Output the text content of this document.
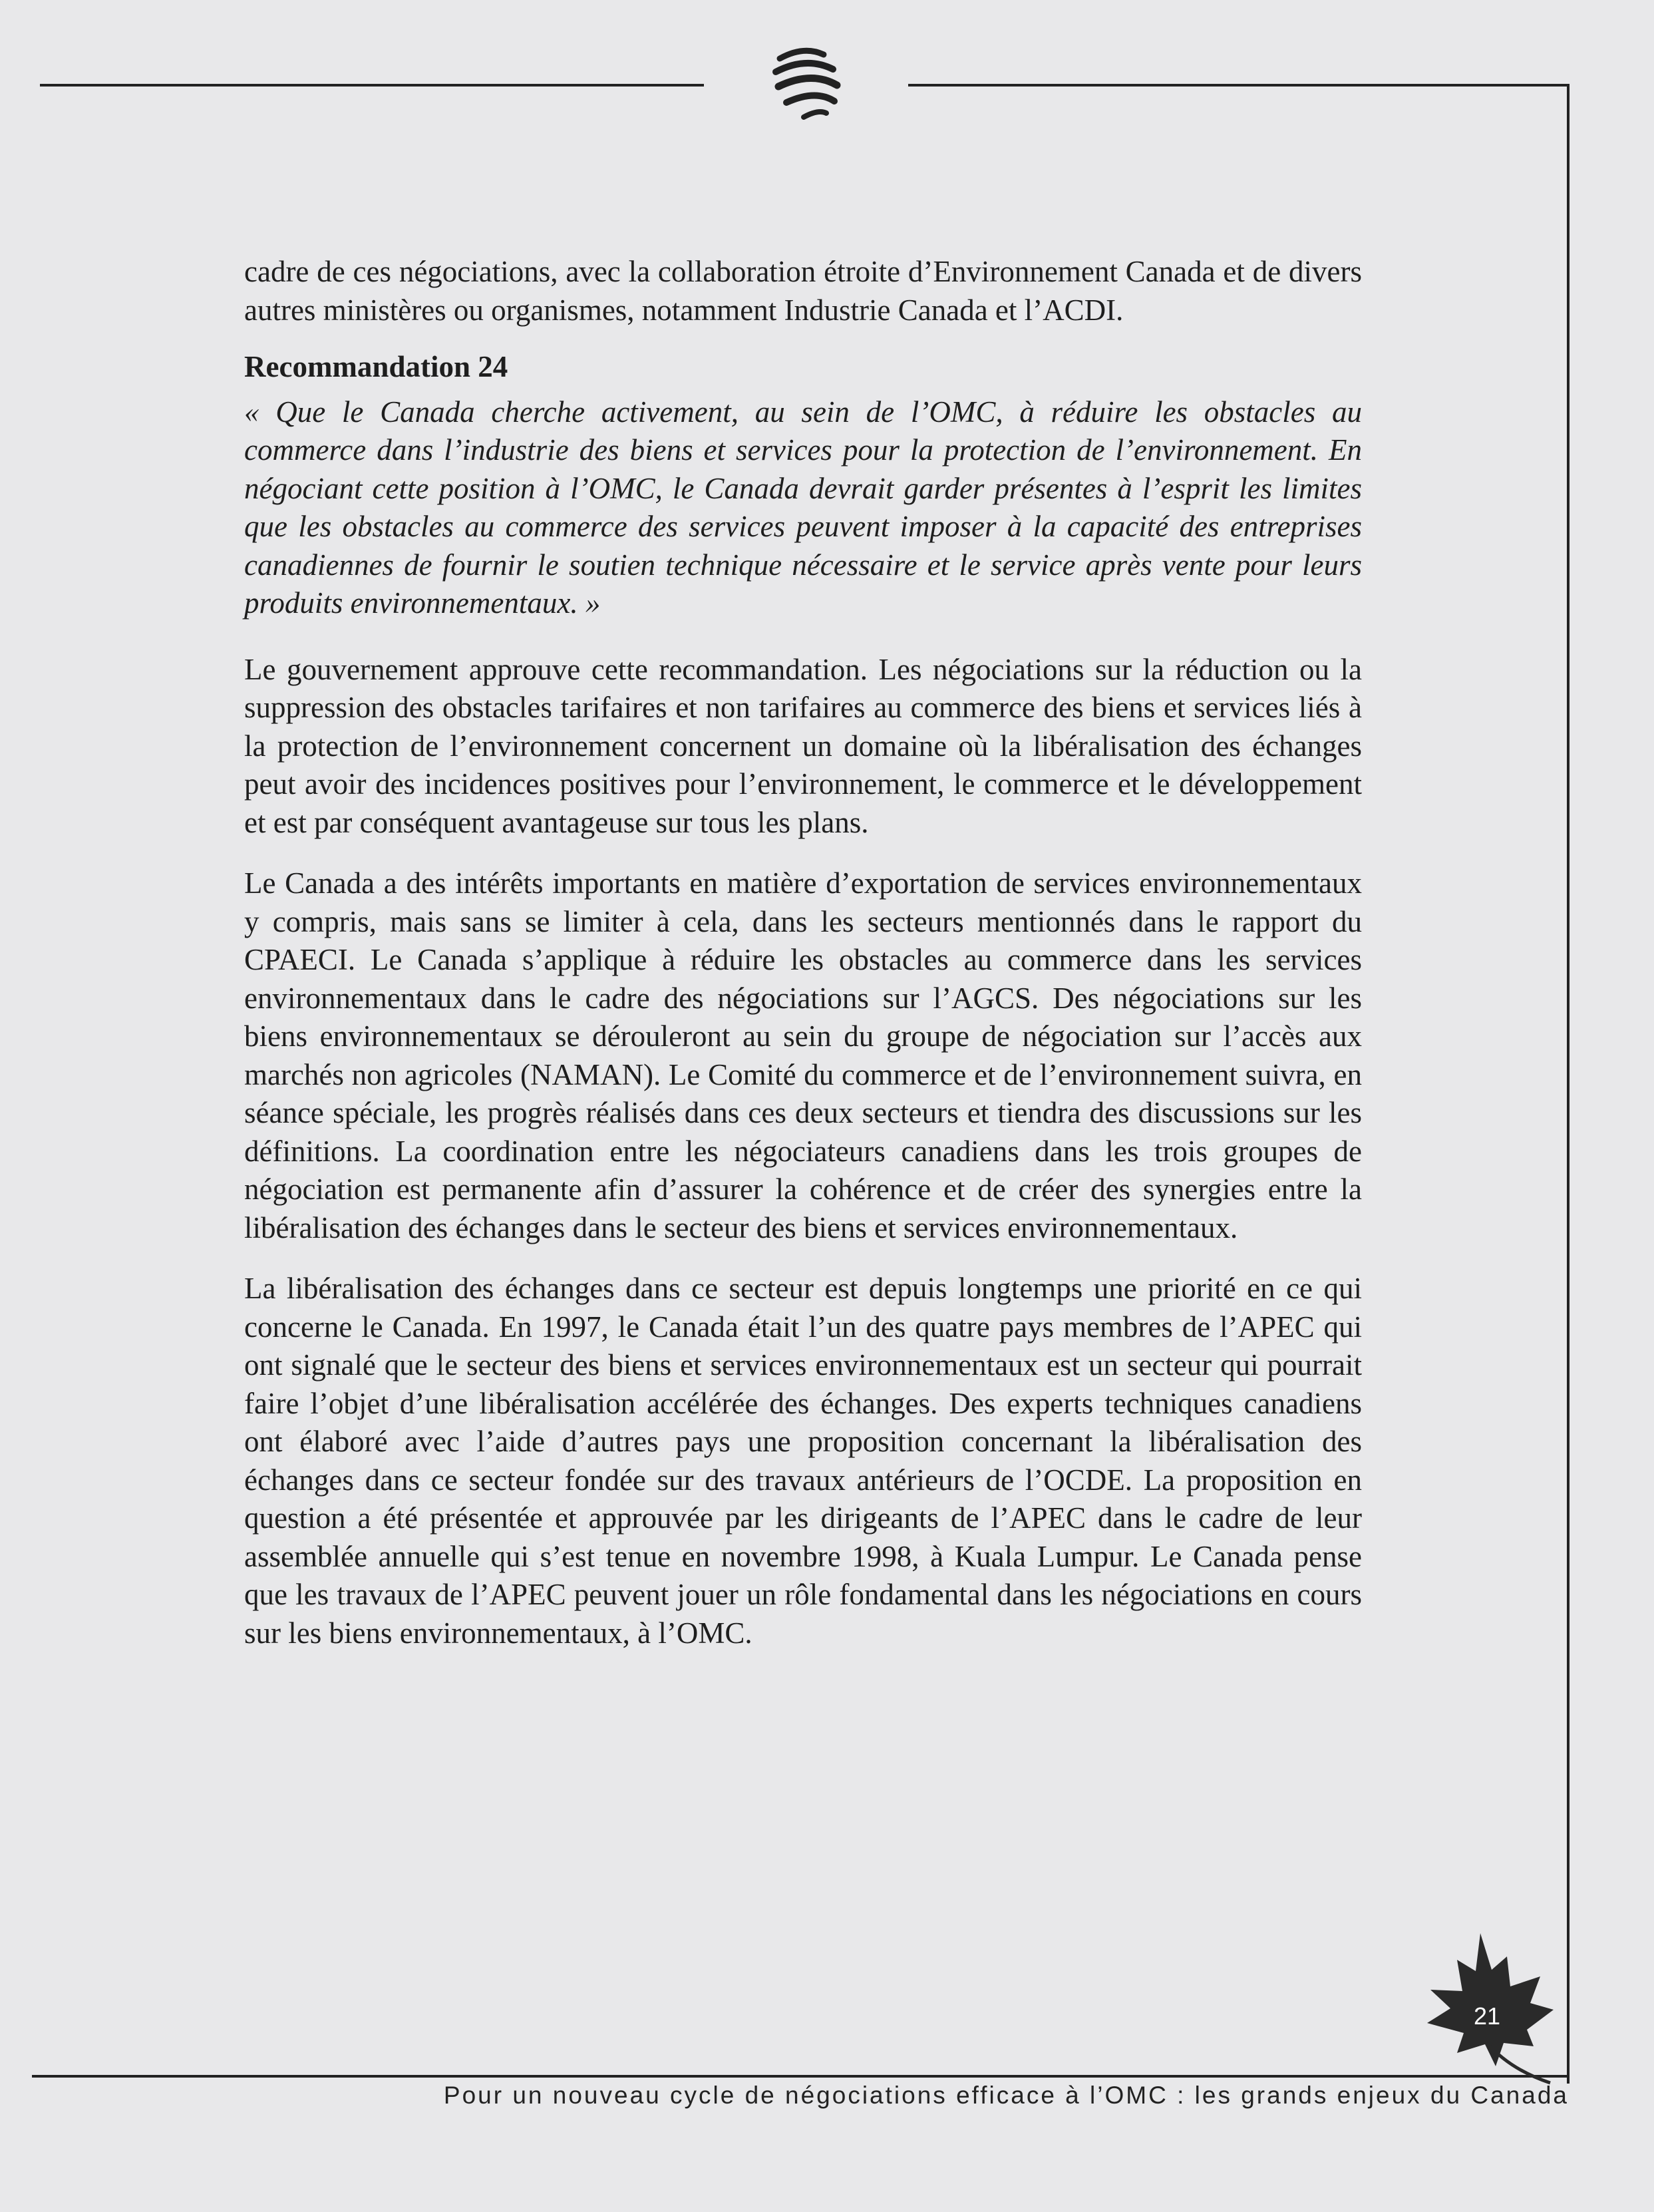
cadre de ces négociations, avec la collaboration étroite d’Environnement Canada et de divers autres ministères ou organismes, notamment Industrie Canada et l’ACDI.

Recommandation 24

« Que le Canada cherche activement, au sein de l’OMC, à réduire les obstacles au commerce dans l’industrie des biens et services pour la protection de l’environnement. En négociant cette position à l’OMC, le Canada devrait garder présentes à l’esprit les limites que les obstacles au commerce des services peuvent imposer à la capacité des entreprises canadiennes de fournir le soutien technique nécessaire et le service après vente pour leurs produits environnementaux. »

Le gouvernement approuve cette recommandation. Les négociations sur la réduction ou la suppression des obstacles tarifaires et non tarifaires au commerce des biens et services liés à la protection de l’environnement concernent un domaine où la libéralisation des échanges peut avoir des incidences positives pour l’environnement, le commerce et le développement et est par conséquent avantageuse sur tous les plans.

Le Canada a des intérêts importants en matière d’exportation de services environnementaux y compris, mais sans se limiter à cela, dans les secteurs mentionnés dans le rapport du CPAECI. Le Canada s’applique à réduire les obstacles au commerce dans les services environnementaux dans le cadre des négociations sur l’AGCS. Des négociations sur les biens environnementaux se dérouleront au sein du groupe de négociation sur l’accès aux marchés non agricoles (NAMAN). Le Comité du commerce et de l’environnement suivra, en séance spéciale, les progrès réalisés dans ces deux secteurs et tiendra des discussions sur les définitions. La coordination entre les négociateurs canadiens dans les trois groupes de négociation est permanente afin d’assurer la cohérence et de créer des synergies entre la libéralisation des échanges dans le secteur des biens et services environnementaux.

La libéralisation des échanges dans ce secteur est depuis longtemps une priorité en ce qui concerne le Canada. En 1997, le Canada était l’un des quatre pays membres de l’APEC qui ont signalé que le secteur des biens et services environnementaux est un secteur qui pourrait faire l’objet d’une libéralisation accélérée des échanges. Des experts techniques canadiens ont élaboré avec l’aide d’autres pays une proposition concernant la libéralisation des échanges dans ce secteur fondée sur des travaux antérieurs de l’OCDE. La proposition en question a été présentée et approuvée par les dirigeants de l’APEC dans le cadre de leur assemblée annuelle qui s’est tenue en novembre 1998, à Kuala Lumpur. Le Canada pense que les travaux de l’APEC peuvent jouer un rôle fondamental dans les négociations en cours sur les biens environnementaux, à l’OMC.

21
Pour un nouveau cycle de négociations efficace à l’OMC : les grands enjeux du Canada
